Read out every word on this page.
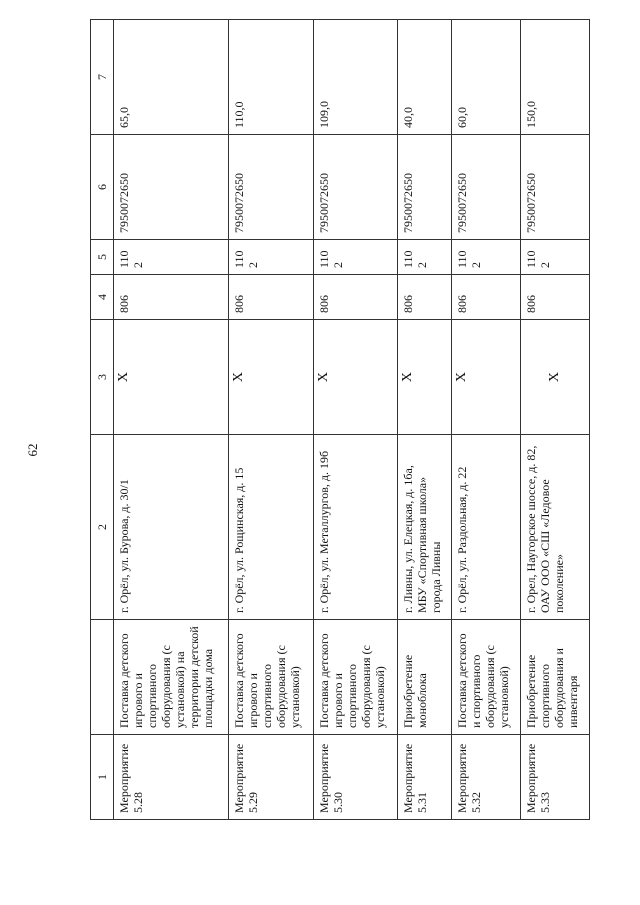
62
1		2	3	4	5	6	7
Мероприятие 5.28	Поставка детского игрового и спортивного оборудования (с установкой) на территории детской площадки дома	г. Орёл, ул. Бурова, д. 30/1	X	806	1102	7950072650	65,0
Мероприятие 5.29	Поставка детского игрового и спортивного оборудования (с установкой)	г. Орёл, ул. Рощинская, д. 15	X	806	1102	7950072650	110,0
Мероприятие 5.30	Поставка детского игрового и спортивного оборудования (с установкой)	г. Орёл, ул. Металлургов, д. 19б	X	806	1102	7950072650	109,0
Мероприятие 5.31	Приобретение моноблока	г. Ливны, ул. Елецкая, д. 1ба, МБУ «Спортивная школа» города Ливны	X	806	1102	7950072650	40,0
Мероприятие 5.32	Поставка детского и спортивного оборудования (с установкой)	г. Орёл, ул. Раздольная, д. 22	X	806	1102	7950072650	60,0
Мероприятие 5.33	Приобретение спортивного оборудования и инвентаря	г. Орел, Наугорское шоссе, д. 82, ОАУ ООО «СШ «Ледовое поколение»	X	806	1102	7950072650	150,0
